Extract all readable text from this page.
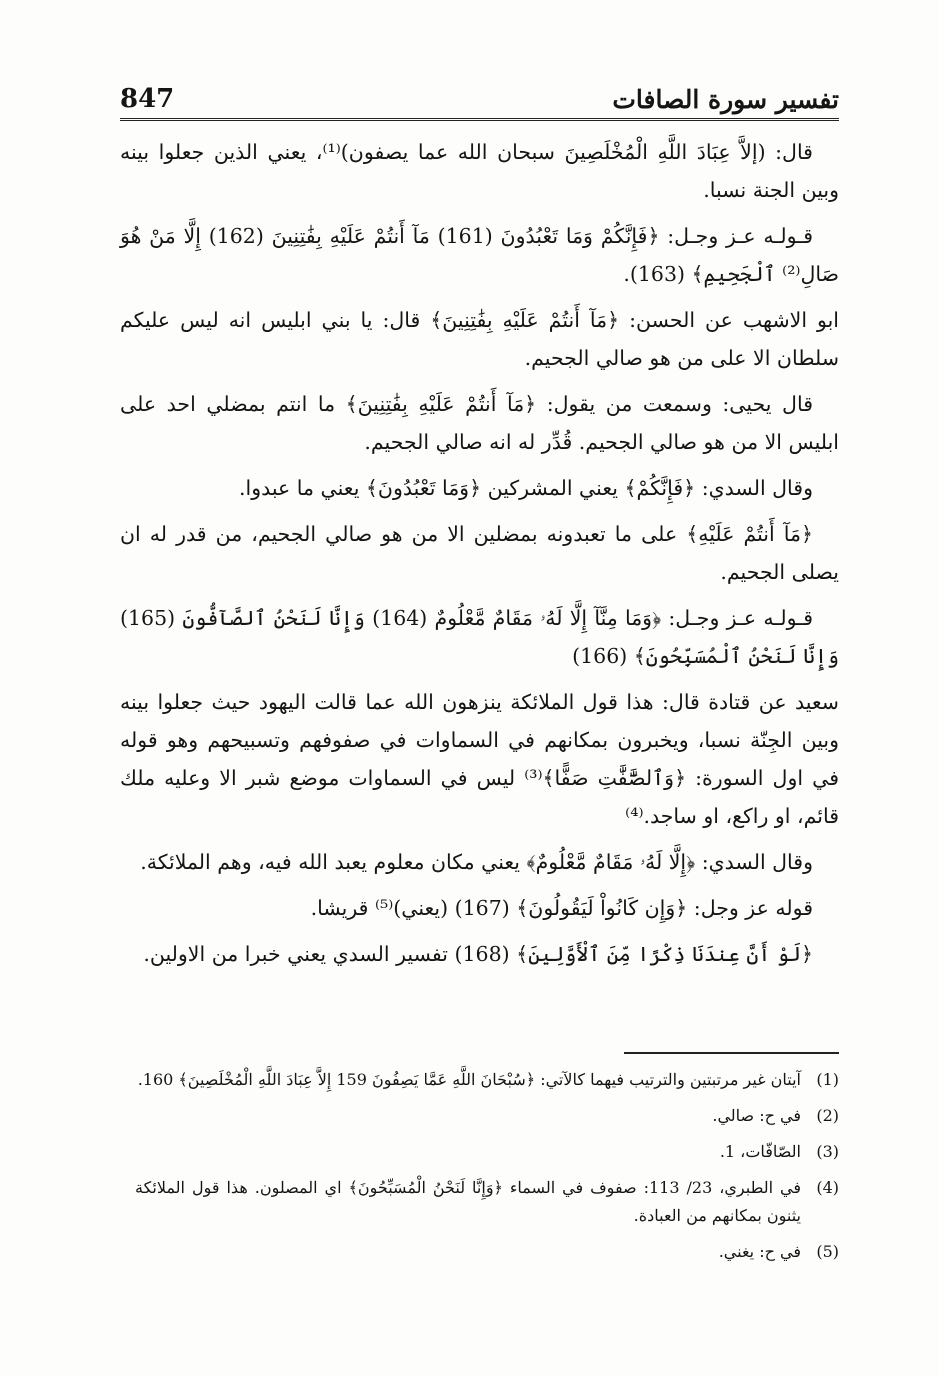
847	تفسير سورة الصافات

قال: (إلاَّ عِبَادَ اللَّهِ الْمُخْلَصِينَ سبحان الله عما يصفون)⁽¹⁾، يعني الذين جعلوا بينه وبين الجنة نسبا.

قـولـه عـز وجـل: ﴿فَإِنَّكُمْ وَمَا تَعْبُدُونَ (161) مَآ أَنتُمْ عَلَيْهِ بِفَٰتِنِينَ (162) إِلَّا مَنْ هُوَ صَالِ⁽²⁾ ٱلْجَحِيمِ﴾ (163).

ابو الاشهب عن الحسن: ﴿مَآ أَنتُمْ عَلَيْهِ بِفَٰتِنِينَ﴾ قال: يا بني ابليس انه ليس عليكم سلطان الا على من هو صالي الجحيم.

قال يحيى: وسمعت من يقول: ﴿مَآ أَنتُمْ عَلَيْهِ بِفَٰتِنِينَ﴾ ما انتم بمضلي احد على ابليس الا من هو صالي الجحيم. قُدِّر له انه صالي الجحيم.

وقال السدي: ﴿فَإِنَّكُمْ﴾ يعني المشركين ﴿وَمَا تَعْبُدُونَ﴾ يعني ما عبدوا.

﴿مَآ أَنتُمْ عَلَيْهِ﴾ على ما تعبدونه بمضلين الا من هو صالي الجحيم، من قدر له ان يصلى الجحيم.

قـولـه عـز وجـل: ﴿وَمَا مِنَّآ إِلَّا لَهُۥ مَقَامٌ مَّعْلُومٌ (164) وَإِنَّا لَنَحْنُ ٱلصَّآفُّونَ (165) وَإِنَّا لَنَحْنُ ٱلْمُسَبِّحُونَ﴾ (166)

سعيد عن قتادة قال: هذا قول الملائكة ينزهون الله عما قالت اليهود حيث جعلوا بينه وبين الجِنّة نسبا، ويخبرون بمكانهم في السماوات في صفوفهم وتسبيحهم وهو قوله في اول السورة: ﴿وَٱلصَّٰٓفَّٰتِ صَفًّا﴾⁽³⁾ ليس في السماوات موضع شبر الا وعليه ملك قائم، او راكع، او ساجد.⁽⁴⁾

وقال السدي: ﴿إِلَّا لَهُۥ مَقَامٌ مَّعْلُومٌ﴾ يعني مكان معلوم يعبد الله فيه، وهم الملائكة.

قوله عز وجل: ﴿وَإِن كَانُواْ لَيَقُولُونَ﴾ (167) (يعني)⁽⁵⁾ قريشا.

﴿لَوْ أَنَّ عِندَنَا ذِكْرًا مِّنَ ٱلْأَوَّلِينَ﴾ (168) تفسير السدي يعني خبرا من الاولين.

(1)
آيتان غير مرتبتين والترتيب فيهما كالآتي: ﴿سُبْحَانَ اللَّهِ عَمَّا يَصِفُونَ 159 إِلاَّ عِبَادَ اللَّهِ الْمُخْلَصِينَ﴾ 160.
(2)
في ح: صالي.
(3)
الصّافّات، 1.
(4)
في الطبري، 23/ 113: صفوف في السماء ﴿وَإِنَّا لَنَحْنُ الْمُسَبِّحُونَ﴾ اي المصلون. هذا قول الملائكة يثنون بمكانهم من العبادة.
(5)
في ح: يغني.
